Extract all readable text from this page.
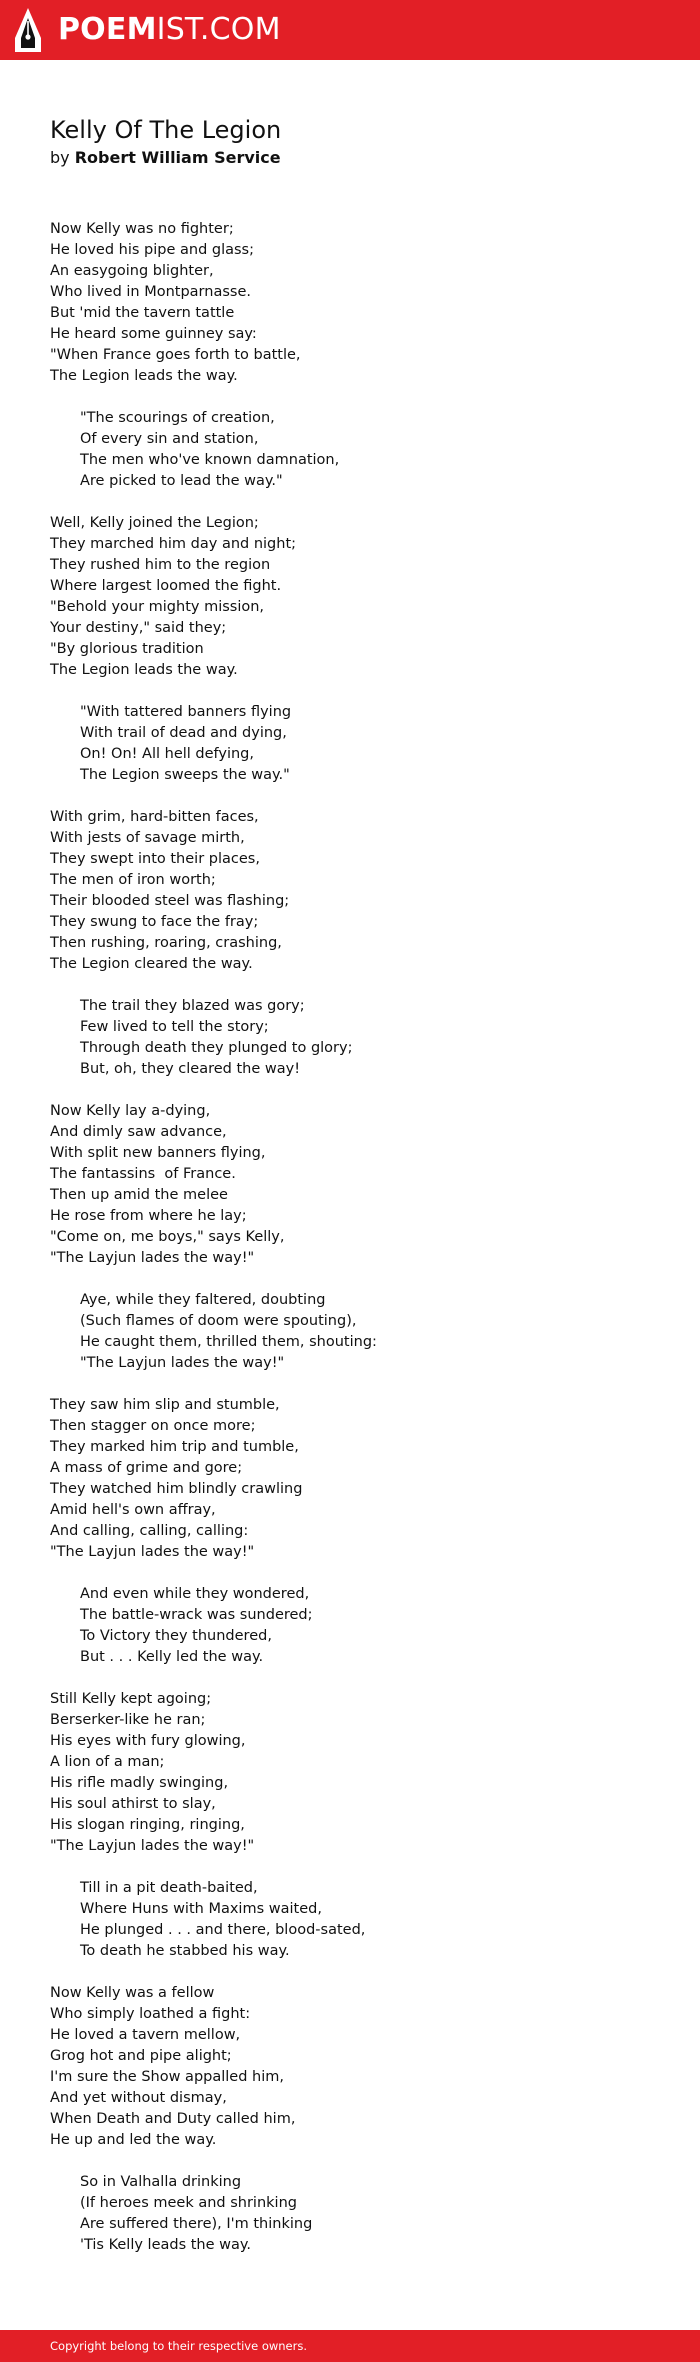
POEMIST.COM
Kelly Of The Legion
by Robert William Service
Now Kelly was no fighter;
He loved his pipe and glass;
An easygoing blighter,
Who lived in Montparnasse.
But 'mid the tavern tattle
He heard some guinney say:
"When France goes forth to battle,
The Legion leads the way.
"The scourings of creation,
Of every sin and station,
The men who've known damnation,
Are picked to lead the way."
Well, Kelly joined the Legion;
They marched him day and night;
They rushed him to the region
Where largest loomed the fight.
"Behold your mighty mission,
Your destiny," said they;
"By glorious tradition
The Legion leads the way.
"With tattered banners flying
With trail of dead and dying,
On! On! All hell defying,
The Legion sweeps the way."
With grim, hard-bitten faces,
With jests of savage mirth,
They swept into their places,
The men of iron worth;
Their blooded steel was flashing;
They swung to face the fray;
Then rushing, roaring, crashing,
The Legion cleared the way.
The trail they blazed was gory;
Few lived to tell the story;
Through death they plunged to glory;
But, oh, they cleared the way!
Now Kelly lay a-dying,
And dimly saw advance,
With split new banners flying,
The fantassins  of France.
Then up amid the melee
He rose from where he lay;
"Come on, me boys," says Kelly,
"The Layjun lades the way!"
Aye, while they faltered, doubting
(Such flames of doom were spouting),
He caught them, thrilled them, shouting:
"The Layjun lades the way!"
They saw him slip and stumble,
Then stagger on once more;
They marked him trip and tumble,
A mass of grime and gore;
They watched him blindly crawling
Amid hell's own affray,
And calling, calling, calling:
"The Layjun lades the way!"
And even while they wondered,
The battle-wrack was sundered;
To Victory they thundered,
But . . . Kelly led the way.
Still Kelly kept agoing;
Berserker-like he ran;
His eyes with fury glowing,
A lion of a man;
His rifle madly swinging,
His soul athirst to slay,
His slogan ringing, ringing,
"The Layjun lades the way!"
Till in a pit death-baited,
Where Huns with Maxims waited,
He plunged . . . and there, blood-sated,
To death he stabbed his way.
Now Kelly was a fellow
Who simply loathed a fight:
He loved a tavern mellow,
Grog hot and pipe alight;
I'm sure the Show appalled him,
And yet without dismay,
When Death and Duty called him,
He up and led the way.
So in Valhalla drinking
(If heroes meek and shrinking
Are suffered there), I'm thinking
'Tis Kelly leads the way.
Copyright belong to their respective owners.
